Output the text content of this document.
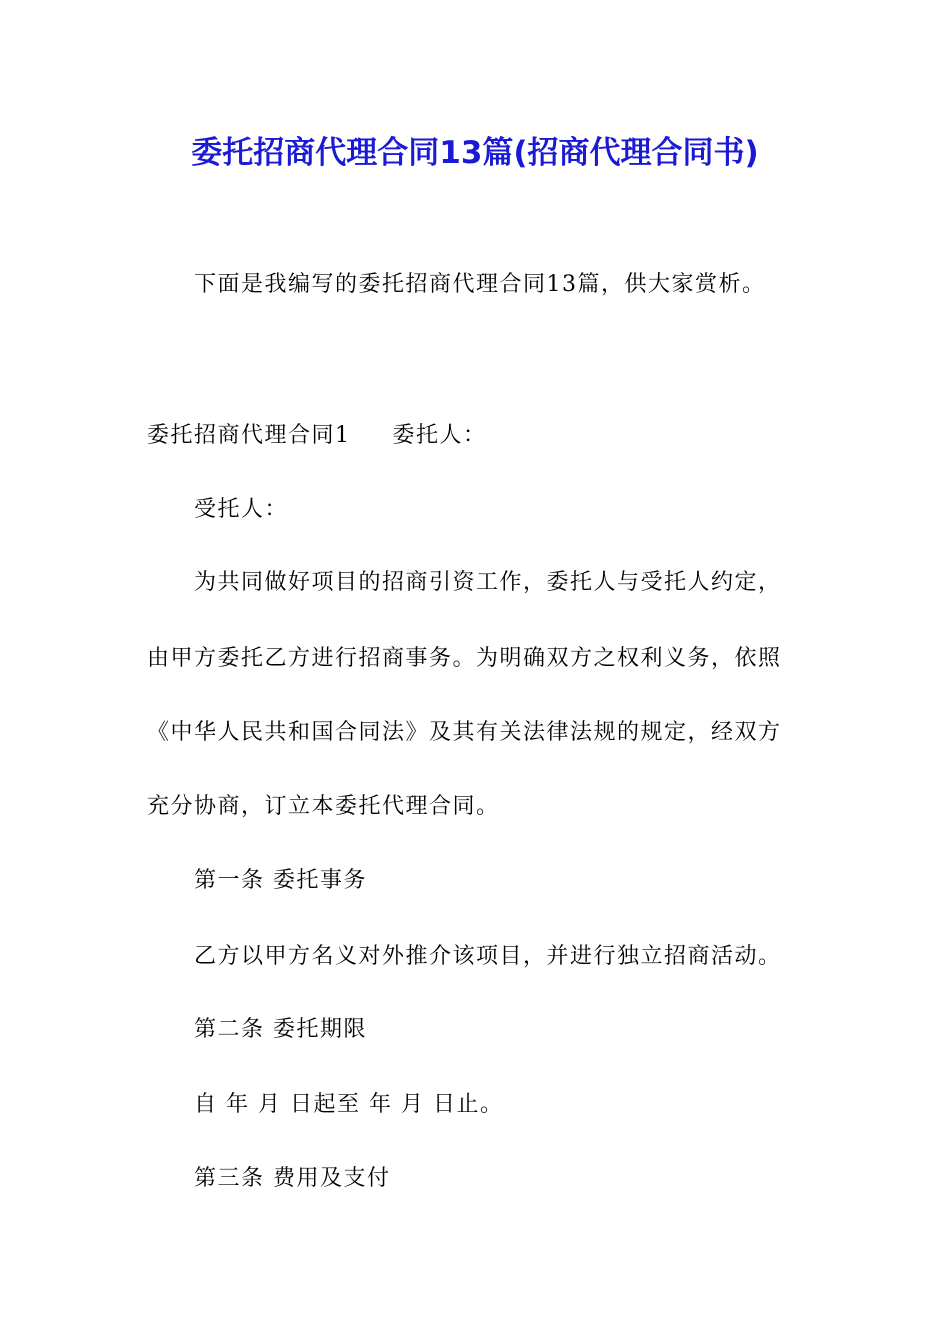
委托招商代理合同13篇(招商代理合同书)

下面是我编写的委托招商代理合同13篇，供大家赏析。

委托招商代理合同1 委托人：

受托人：

为共同做好项目的招商引资工作，委托人与受托人约定，

由甲方委托乙方进行招商事务。为明确双方之权利义务，依照

《中华人民共和国合同法》及其有关法律法规的规定，经双方

充分协商，订立本委托代理合同。

第一条 委托事务

乙方以甲方名义对外推介该项目，并进行独立招商活动。

第二条 委托期限

自 年 月 日起至 年 月 日止。

第三条 费用及支付
